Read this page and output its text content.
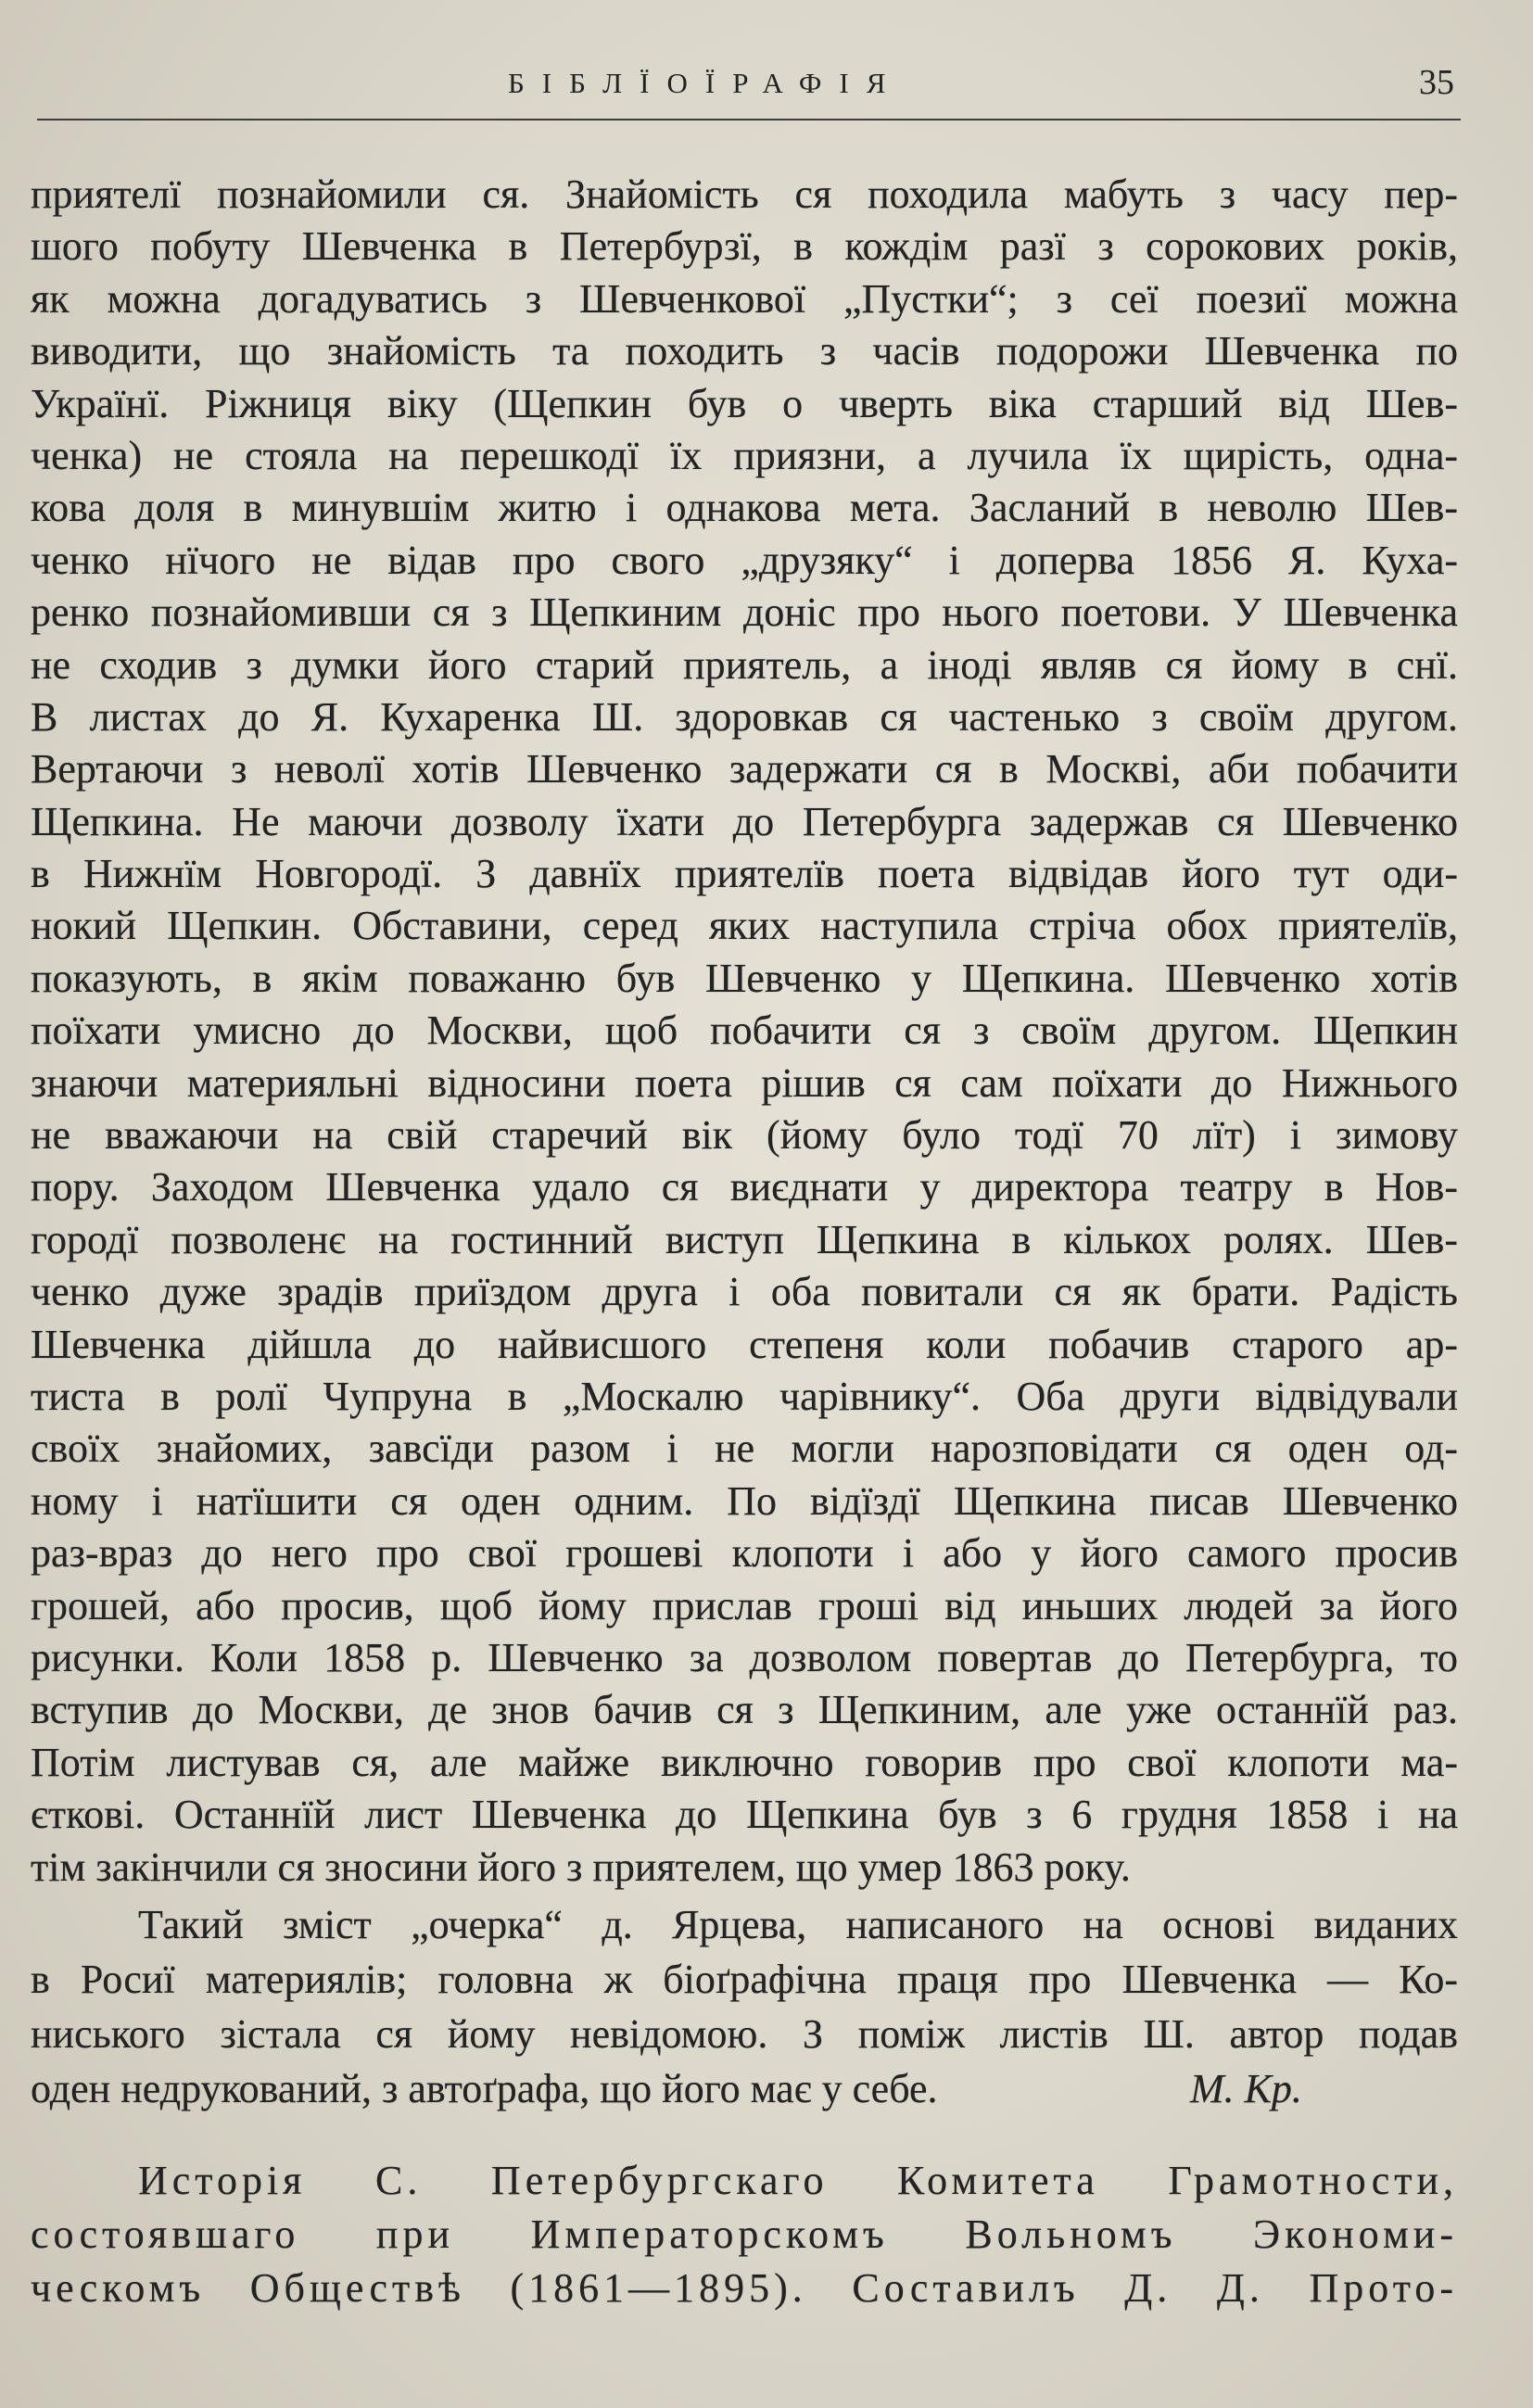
БІБЛЇОЇРАФІЯ	35
приятелї познайомили ся. Знайомість ся походила мабуть з часу пер-
шого побуту Шевченка в Петербурзї, в кождім разї з сорокових років,
як можна догадуватись з Шевченкової „Пустки“; з сеї поезиї можна
виводити, що знайомість та походить з часів подорожи Шевченка по
Українї. Ріжниця віку (Щепкин був о чверть віка старший від Шев-
ченка) не стояла на перешкодї їх приязни, а лучила їх щирість, одна-
кова доля в минувшім житю і однакова мета. Засланий в неволю Шев-
ченко нїчого не відав про свого „друзяку“ і доперва 1856 Я. Куха-
ренко познайомивши ся з Щепкиним доніс про нього поетови. У Шевченка
не сходив з думки його старий приятель, а іноді являв ся йому в снї.
В листах до Я. Кухаренка Ш. здоровкав ся частенько з своїм другом.
Вертаючи з неволї хотів Шевченко задержати ся в Москві, аби побачити
Щепкина. Не маючи дозволу їхати до Петербурга задержав ся Шевченко
в Нижнїм Новгородї. З давнїх приятелїв поета відвідав його тут оди-
нокий Щепкин. Обставини, серед яких наступила стріча обох приятелїв,
показують, в якім поважаню був Шевченко у Щепкина. Шевченко хотів
поїхати умисно до Москви, щоб побачити ся з своїм другом. Щепкин
знаючи материяльні відносини поета рішив ся сам поїхати до Нижнього
не вважаючи на свій старечий вік (йому було тодї 70 лїт) і зимову
пору. Заходом Шевченка удало ся виєднати у директора театру в Нов-
городї позволенє на гостинний виступ Щепкина в кількох ролях. Шев-
ченко дуже зрадів приїздом друга і оба повитали ся як брати. Радість
Шевченка дійшла до найвисшого степеня коли побачив старого ар-
тиста в ролї Чупруна в „Москалю чарівнику“. Оба други відвідували
своїх знайомих, завсїди разом і не могли нарозповідати ся оден од-
ному і натїшити ся оден одним. По відїздї Щепкина писав Шевченко
раз-враз до него про свої грошеві клопоти і або у його самого просив
грошей, або просив, щоб йому прислав гроші від иньших людей за його
рисунки. Коли 1858 р. Шевченко за дозволом повертав до Петербурга, то
вступив до Москви, де знов бачив ся з Щепкиним, але уже останнїй раз.
Потім листував ся, але майже виключно говорив про свої клопоти ма-
єткові. Останнїй лист Шевченка до Щепкина був з 6 грудня 1858 і на
тім закінчили ся зносини його з приятелем, що умер 1863 року.
Такий зміст „очерка“ д. Ярцева, написаного на основі виданих
в Росиї материялів; головна ж біоґрафічна праця про Шевченка — Ко-
ниського зістала ся йому невідомою. З поміж листів Ш. автор подав
оден недрукований, з автоґрафа, що його має у себе.	М. Кр.
Исторія С. Петербургскаго Комитета Грамотности,
состоявшаго при Императорскомъ Вольномъ Экономи-
ческомъ Обществѣ (1861—1895). Составилъ Д. Д. Прото-
